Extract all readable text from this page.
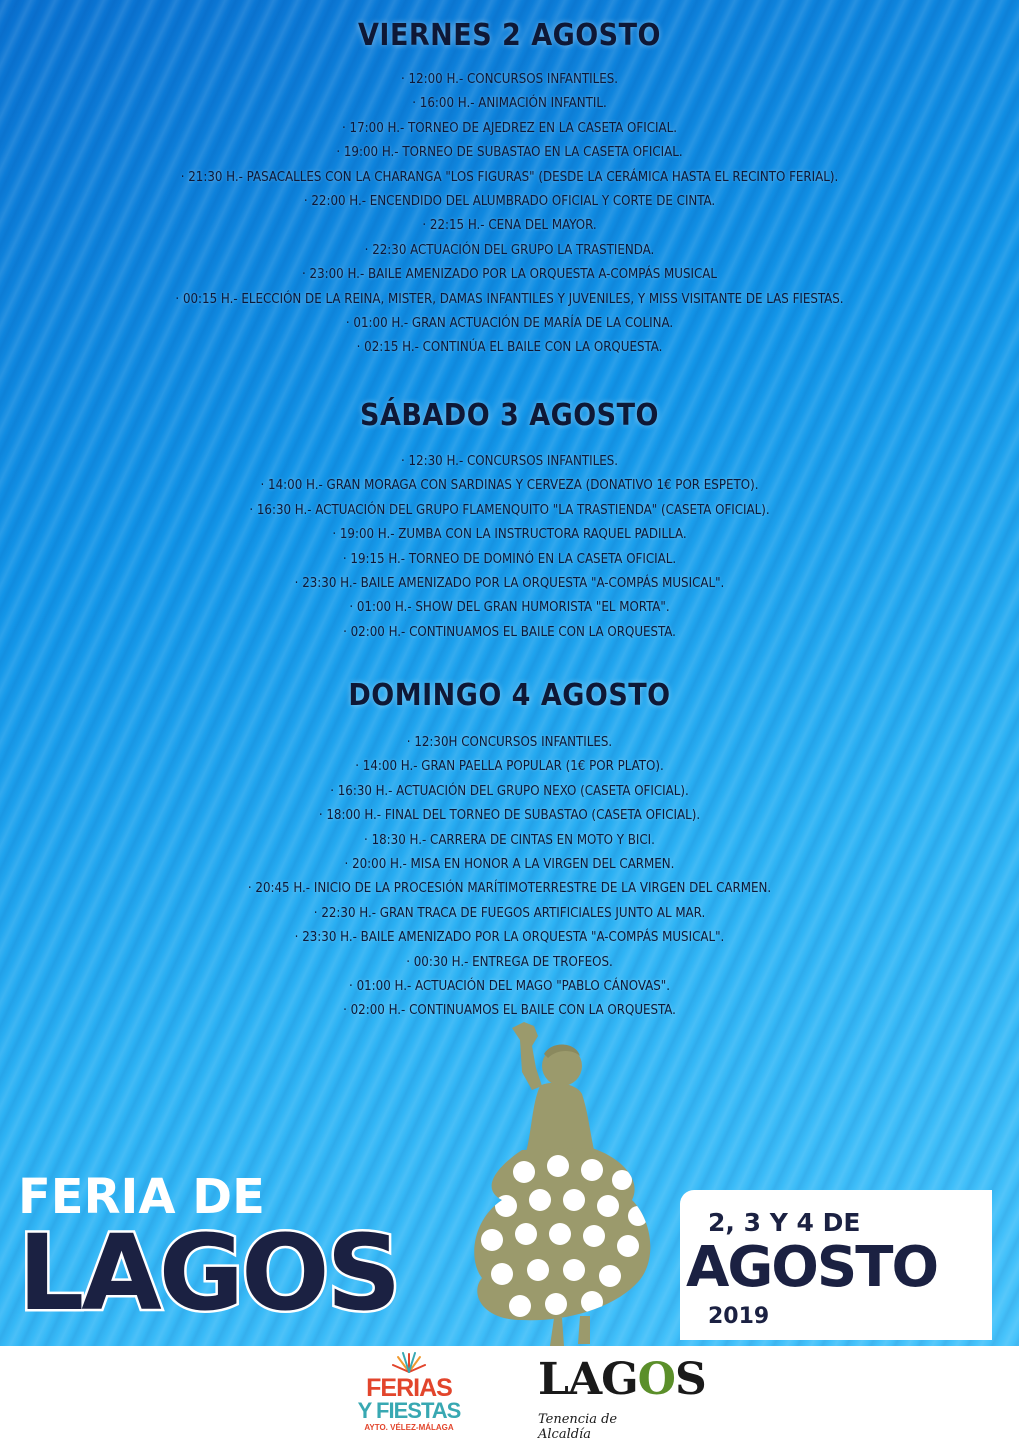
VIERNES 2 AGOSTO
· 12:00 H.- CONCURSOS INFANTILES.
· 16:00 H.- ANIMACIÓN INFANTIL.
· 17:00 H.- TORNEO DE AJEDREZ EN LA CASETA OFICIAL.
· 19:00 H.- TORNEO DE SUBASTAO EN LA CASETA OFICIAL.
· 21:30 H.- PASACALLES CON LA CHARANGA "LOS FIGURAS" (DESDE LA CERÁMICA HASTA EL RECINTO FERIAL).
· 22:00 H.- ENCENDIDO DEL ALUMBRADO OFICIAL Y CORTE DE CINTA.
· 22:15 H.- CENA DEL MAYOR.
· 22:30 ACTUACIÓN DEL GRUPO LA TRASTIENDA.
· 23:00 H.- BAILE AMENIZADO POR LA ORQUESTA A-COMPÁS MUSICAL
· 00:15 H.- ELECCIÓN DE LA REINA, MISTER, DAMAS INFANTILES Y JUVENILES, Y MISS VISITANTE DE LAS FIESTAS.
· 01:00 H.- GRAN ACTUACIÓN DE MARÍA DE LA COLINA.
· 02:15 H.- CONTINÚA EL BAILE CON LA ORQUESTA.
SÁBADO 3 AGOSTO
· 12:30 H.- CONCURSOS INFANTILES.
· 14:00 H.- GRAN MORAGA CON SARDINAS Y CERVEZA (DONATIVO 1€ POR ESPETO).
· 16:30 H.- ACTUACIÓN DEL GRUPO FLAMENQUITO "LA TRASTIENDA" (CASETA OFICIAL).
· 19:00 H.- ZUMBA CON LA INSTRUCTORA RAQUEL PADILLA.
· 19:15 H.- TORNEO DE DOMINÓ EN LA CASETA OFICIAL.
· 23:30 H.- BAILE AMENIZADO POR LA ORQUESTA "A-COMPÁS MUSICAL".
· 01:00 H.- SHOW DEL GRAN HUMORISTA "EL MORTA".
· 02:00 H.- CONTINUAMOS EL BAILE CON LA ORQUESTA.
DOMINGO 4 AGOSTO
· 12:30H CONCURSOS INFANTILES.
· 14:00 H.- GRAN PAELLA POPULAR (1€ POR PLATO).
· 16:30 H.- ACTUACIÓN DEL GRUPO NEXO (CASETA OFICIAL).
· 18:00 H.- FINAL DEL TORNEO DE SUBASTAO (CASETA OFICIAL).
· 18:30 H.- CARRERA DE CINTAS EN MOTO Y BICI.
· 20:00 H.- MISA EN HONOR A LA VIRGEN DEL CARMEN.
· 20:45 H.- INICIO DE LA PROCESIÓN MARÍTIMOTERRESTRE DE LA VIRGEN DEL CARMEN.
· 22:30 H.- GRAN TRACA DE FUEGOS ARTIFICIALES JUNTO AL MAR.
· 23:30 H.- BAILE AMENIZADO POR LA ORQUESTA "A-COMPÁS MUSICAL".
· 00:30 H.- ENTREGA DE TROFEOS.
· 01:00 H.- ACTUACIÓN DEL MAGO "PABLO CÁNOVAS".
· 02:00 H.- CONTINUAMOS EL BAILE CON LA ORQUESTA.
FERIA DE
LAGOS	2, 3 Y 4 DE
AGOSTO
2019
FERIAS
Y FIESTAS
AYTO. VÉLEZ-MÁLAGA
LAGOS
Tenencia de Alcaldía
